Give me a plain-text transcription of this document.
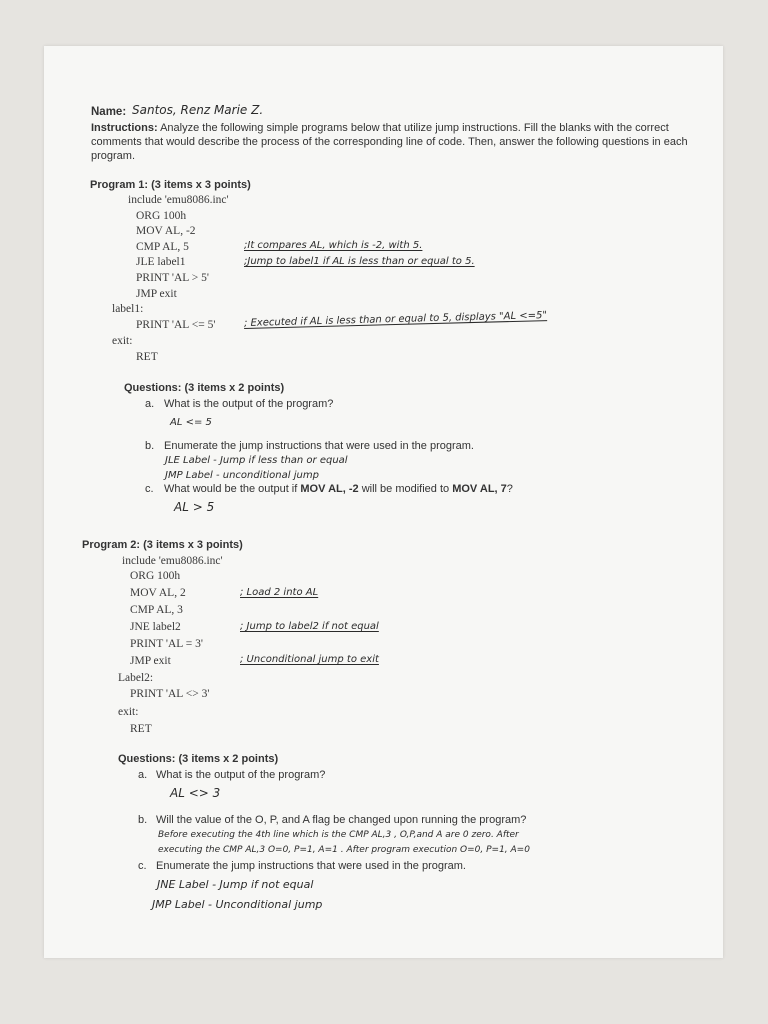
Name: Santos, Renz Marie Z.
Instructions: Analyze the following simple programs below that utilize jump instructions. Fill the blanks with the correct comments that would describe the process of the corresponding line of code. Then, answer the following questions in each program.
Program 1: (3 items x 3 points)
include 'emu8086.inc'
ORG 100h
MOV AL, -2
CMP AL, 5
JLE label1
PRINT 'AL > 5'
JMP exit
label1:
PRINT 'AL <= 5'
exit:
RET
;It compares AL, which is -2, with 5.
;Jump to label1 if AL is less than or equal to 5.
; Executed if AL is less than or equal to 5, displays "AL <=5"
Questions: (3 items x 2 points)
a. What is the output of the program?
AL <= 5
b. Enumerate the jump instructions that were used in the program.
JLE Label - Jump if less than or equal
JMP Label - unconditional jump
c. What would be the output if MOV AL, -2 will be modified to MOV AL, 7?
AL > 5
Program 2: (3 items x 3 points)
include 'emu8086.inc'
ORG 100h
MOV AL, 2
CMP AL, 3
JNE label2
PRINT 'AL = 3'
JMP exit
Label2:
PRINT 'AL <> 3'
exit:
RET
; Load 2 into AL
; Jump to label2 if not equal
; Unconditional jump to exit
Questions: (3 items x 2 points)
a. What is the output of the program?
AL <> 3
b. Will the value of the O, P, and A flag be changed upon running the program?
Before executing the 4th line which is the CMP AL,3 , O,P,and A are 0 zero. After
executing the CMP AL,3 O=0, P=1, A=1 . After program execution O=0, P=1, A=0
c. Enumerate the jump instructions that were used in the program.
JNE Label - Jump if not equal
JMP Label - Unconditional jump
